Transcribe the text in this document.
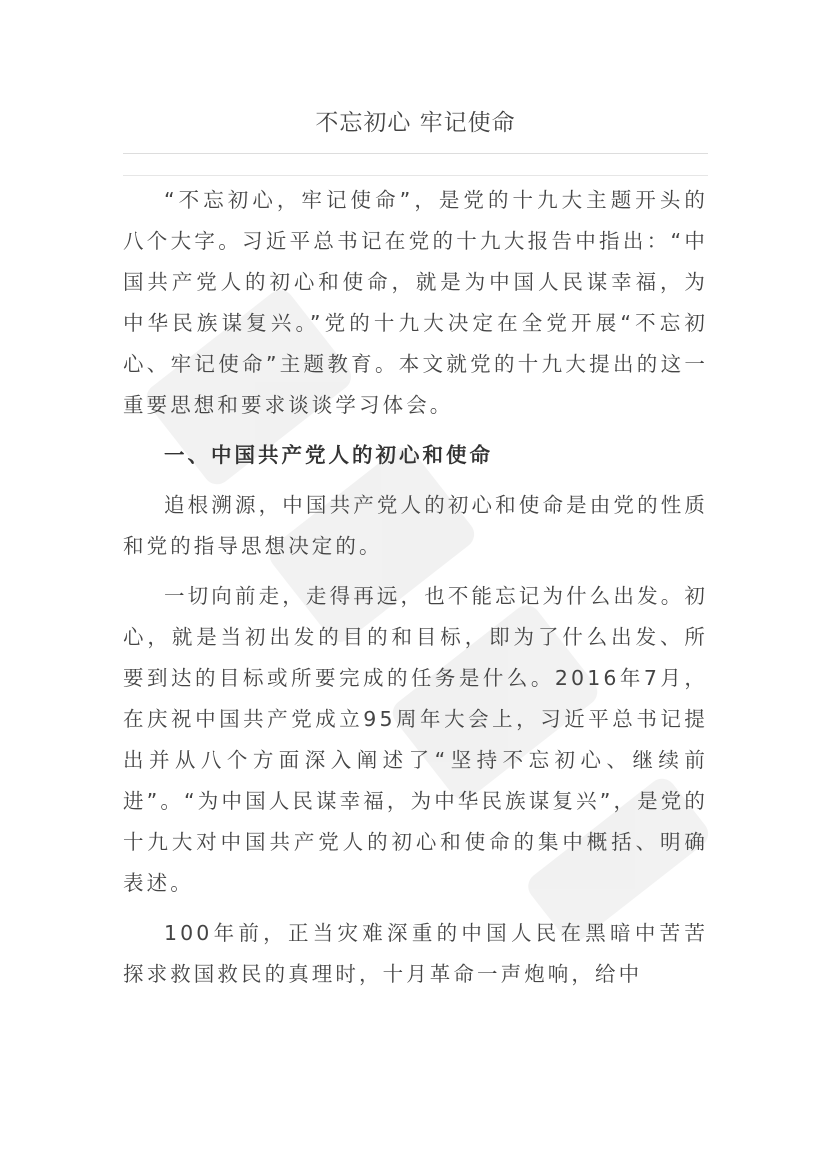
不忘初心 牢记使命

“不忘初心，牢记使命”，是党的十九大主题开头的八个大字。习近平总书记在党的十九大报告中指出：“中国共产党人的初心和使命，就是为中国人民谋幸福，为中华民族谋复兴。”党的十九大决定在全党开展“不忘初心、牢记使命”主题教育。本文就党的十九大提出的这一重要思想和要求谈谈学习体会。

一、中国共产党人的初心和使命

追根溯源，中国共产党人的初心和使命是由党的性质和党的指导思想决定的。

一切向前走，走得再远，也不能忘记为什么出发。初心，就是当初出发的目的和目标，即为了什么出发、所要到达的目标或所要完成的任务是什么。2016年7月，在庆祝中国共产党成立95周年大会上，习近平总书记提出并从八个方面深入阐述了“坚持不忘初心、继续前进”。“为中国人民谋幸福，为中华民族谋复兴”，是党的十九大对中国共产党人的初心和使命的集中概括、明确表述。

100年前，正当灾难深重的中国人民在黑暗中苦苦探求救国救民的真理时，十月革命一声炮响，给中
